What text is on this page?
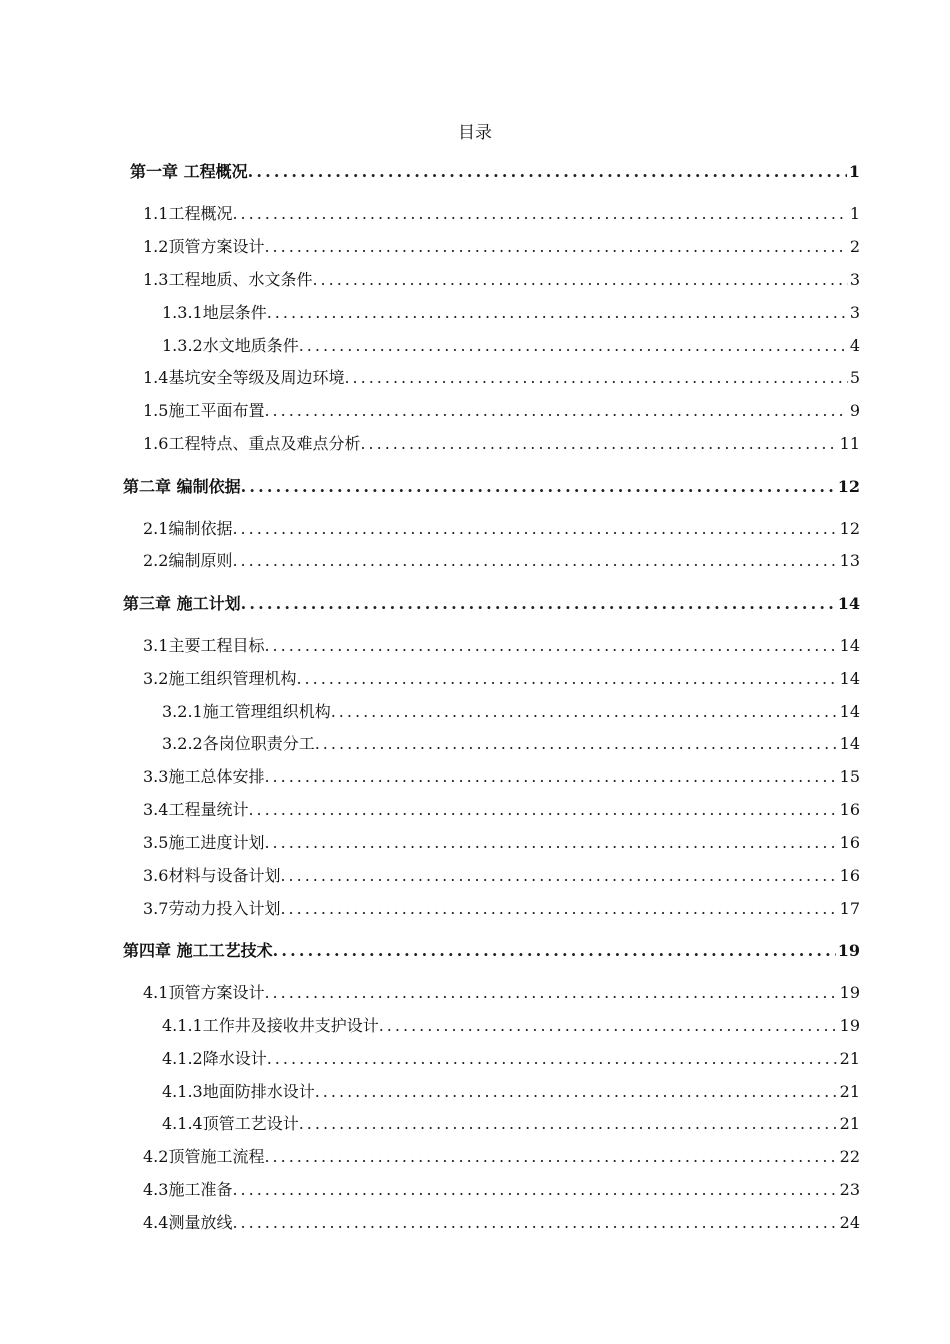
目录
第一章 工程概况 .....	1
1.1工程概况 .....	1
1.2顶管方案设计 .....	2
1.3工程地质、水文条件 .....	3
1.3.1地层条件 .....	3
1.3.2水文地质条件 .....	4
1.4基坑安全等级及周边环境 .....	5
1.5施工平面布置 .....	9
1.6工程特点、重点及难点分析 .....	11
第二章 编制依据 .....	12
2.1编制依据 .....	12
2.2编制原则 .....	13
第三章 施工计划 .....	14
3.1主要工程目标 .....	14
3.2施工组织管理机构 .....	14
3.2.1施工管理组织机构 .....	14
3.2.2各岗位职责分工 .....	14
3.3施工总体安排 .....	15
3.4工程量统计 .....	16
3.5施工进度计划 .....	16
3.6材料与设备计划 .....	16
3.7劳动力投入计划 .....	17
第四章 施工工艺技术 .....	19
4.1顶管方案设计 .....	19
4.1.1工作井及接收井支护设计 .....	19
4.1.2降水设计 .....	21
4.1.3地面防排水设计 .....	21
4.1.4顶管工艺设计 .....	21
4.2顶管施工流程 .....	22
4.3施工准备 .....	23
4.4测量放线 .....	24
